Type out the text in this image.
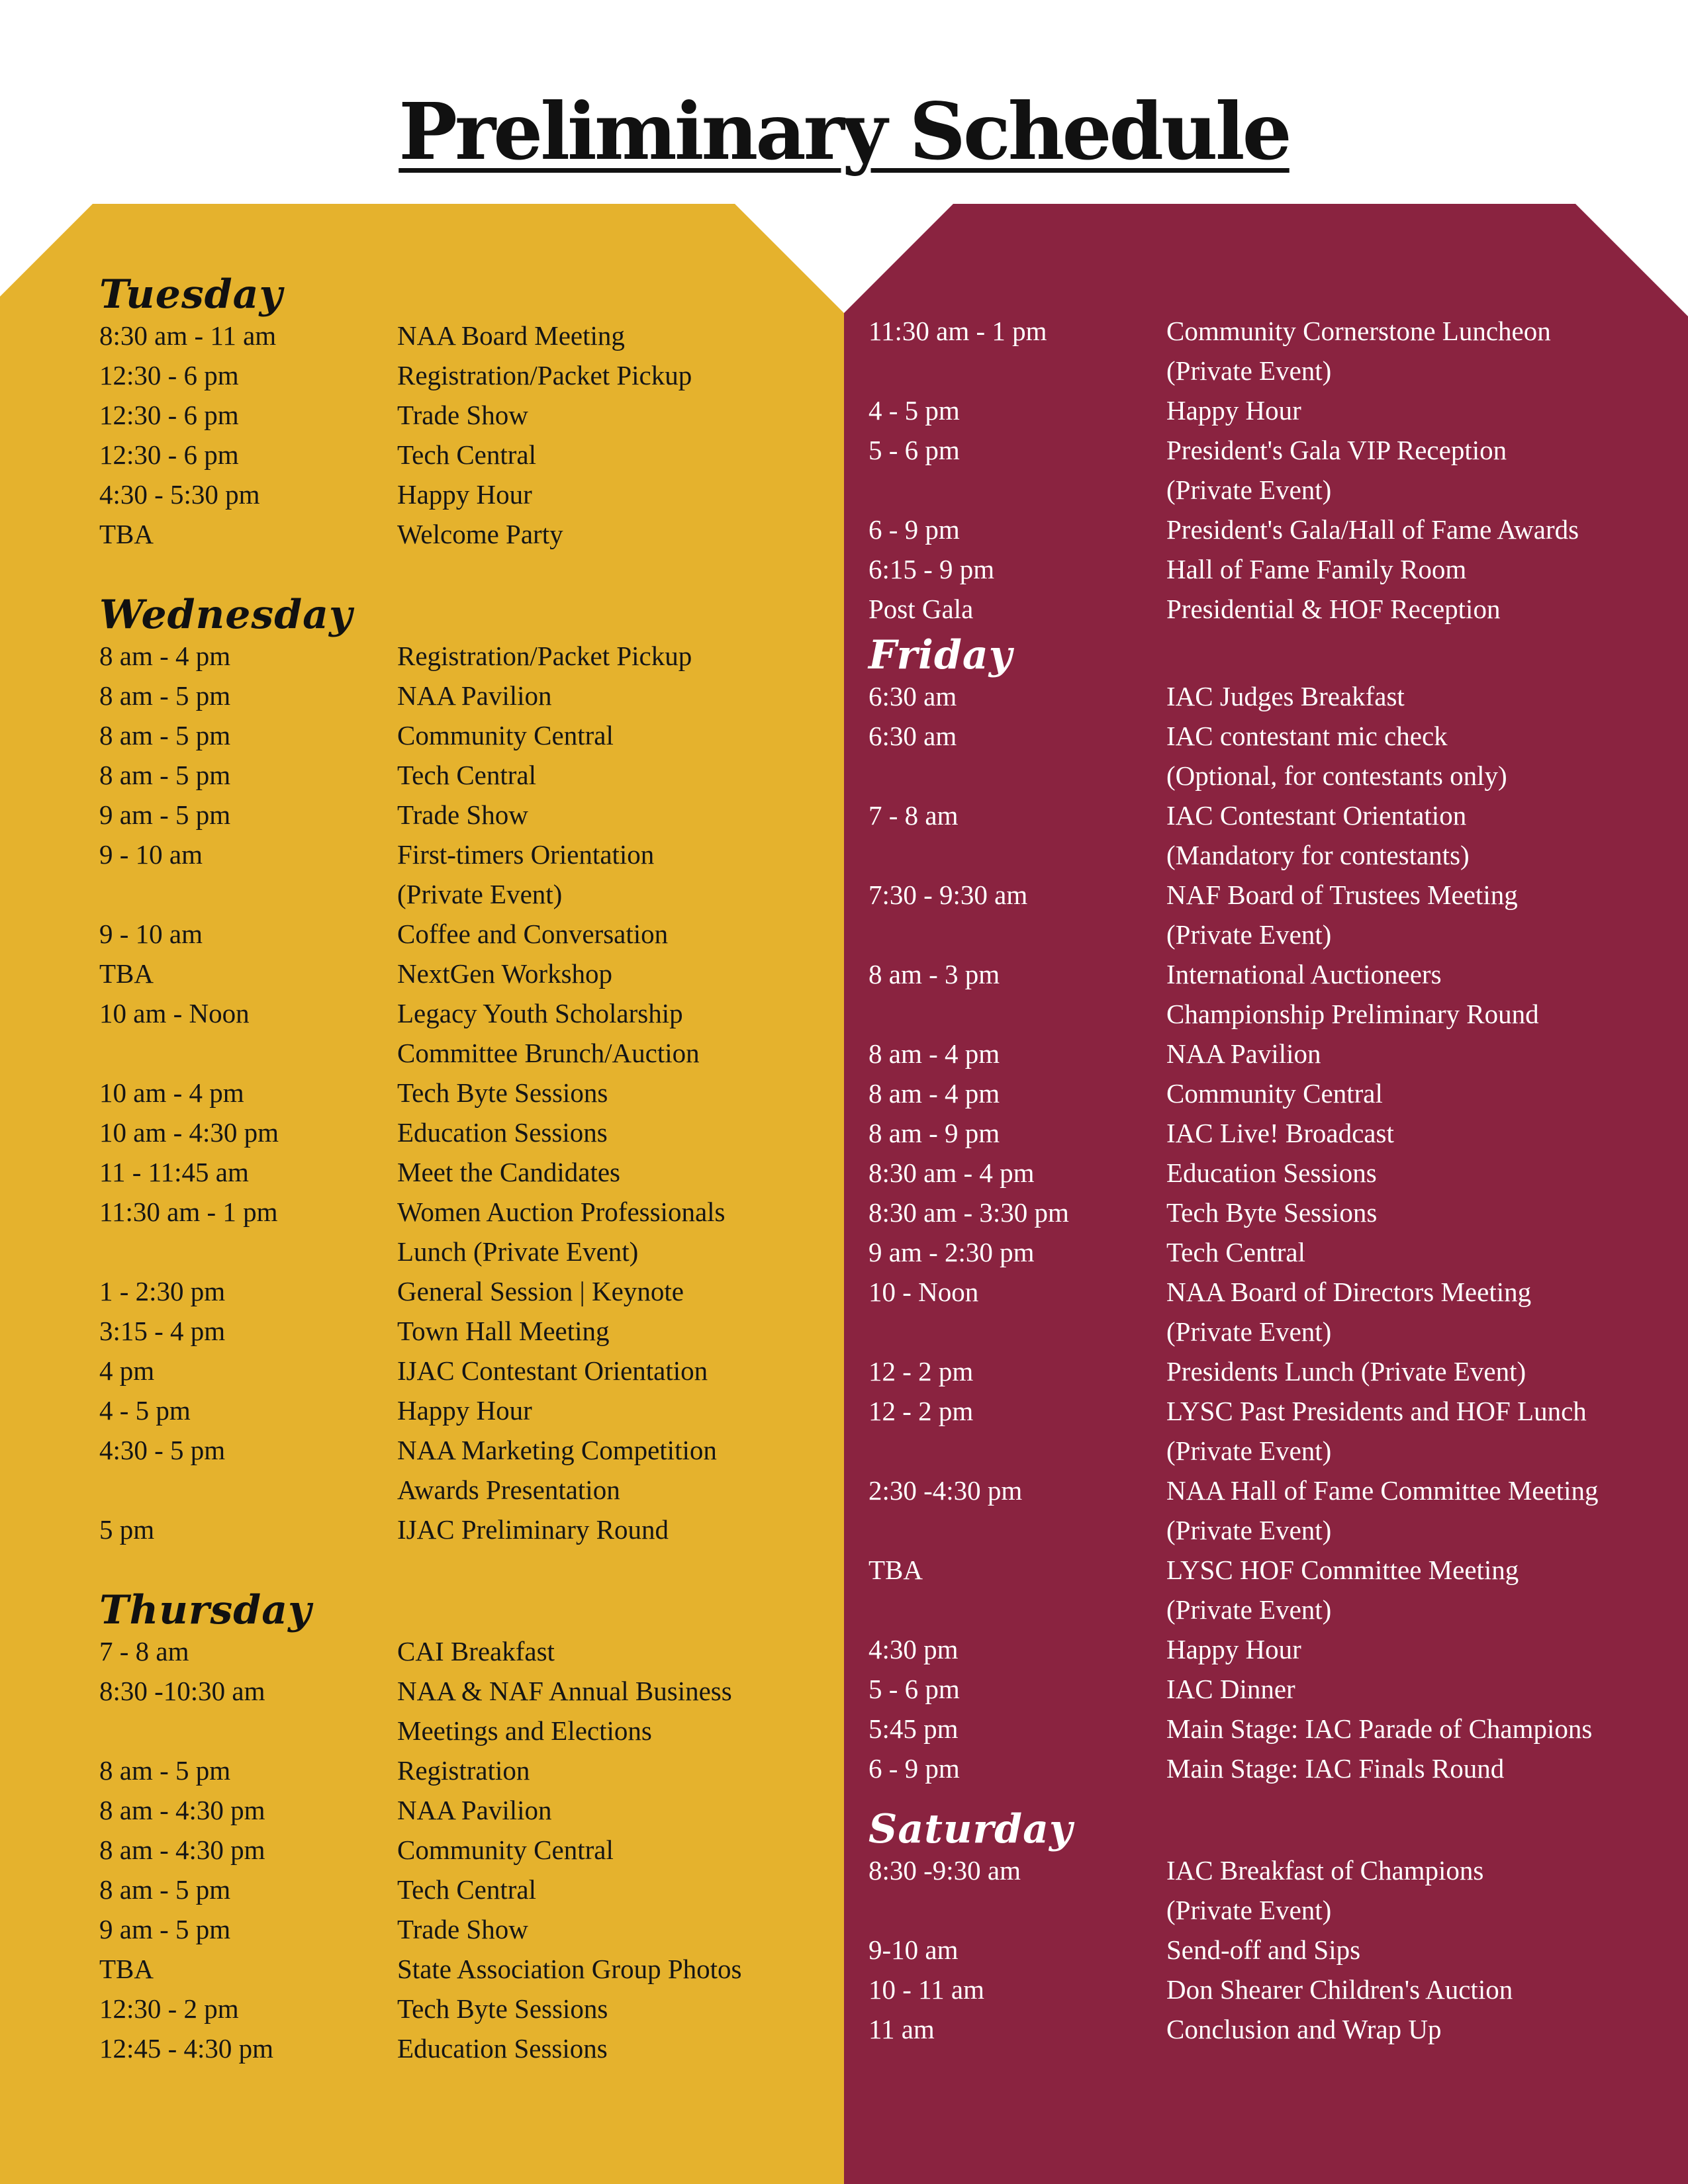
Preliminary Schedule
Tuesday
8:30 am - 11 am	NAA Board Meeting
12:30 - 6 pm	Registration/Packet Pickup
12:30 - 6 pm	Trade Show
12:30 - 6 pm	Tech Central
4:30 - 5:30 pm	Happy Hour
TBA	Welcome Party
Wednesday
8 am - 4 pm	Registration/Packet Pickup
8 am - 5 pm	NAA Pavilion
8 am - 5 pm	Community Central
8 am - 5 pm	Tech Central
9 am - 5 pm	Trade Show
9 - 10 am	First-timers Orientation
(Private Event)
9 - 10 am	Coffee and Conversation
TBA	NextGen Workshop
10 am - Noon	Legacy Youth Scholarship
Committee Brunch/Auction
10 am - 4 pm	Tech Byte Sessions
10 am - 4:30 pm	Education Sessions
11 - 11:45 am	Meet the Candidates
11:30 am - 1 pm	Women Auction Professionals
Lunch (Private Event)
1 - 2:30 pm	General Session | Keynote
3:15 - 4 pm	Town Hall Meeting
4 pm	IJAC Contestant Orientation
4 - 5 pm	Happy Hour
4:30 - 5 pm	NAA Marketing Competition
Awards Presentation
5 pm	IJAC Preliminary Round
Thursday
7 - 8 am	CAI Breakfast
8:30 -10:30 am	NAA & NAF Annual Business
Meetings and Elections
8 am - 5 pm	Registration
8 am - 4:30 pm	NAA Pavilion
8 am - 4:30 pm	Community Central
8 am - 5 pm	Tech Central
9 am - 5 pm	Trade Show
TBA	State Association Group Photos
12:30 - 2 pm	Tech Byte Sessions
12:45 - 4:30 pm	Education Sessions
11:30 am - 1 pm	Community Cornerstone Luncheon
(Private Event)
4 - 5 pm	Happy Hour
5 - 6 pm	President's Gala VIP Reception
(Private Event)
6 - 9 pm	President's Gala/Hall of Fame Awards
6:15 - 9 pm	Hall of Fame Family Room
Post Gala	Presidential & HOF Reception
Friday
6:30 am	IAC Judges Breakfast
6:30 am	IAC contestant mic check
(Optional, for contestants only)
7 - 8 am	IAC Contestant Orientation
(Mandatory for contestants)
7:30 - 9:30 am	NAF Board of Trustees Meeting
(Private Event)
8 am - 3 pm	International Auctioneers
Championship Preliminary Round
8 am - 4 pm	NAA Pavilion
8 am - 4 pm	Community Central
8 am - 9 pm	IAC Live! Broadcast
8:30 am - 4 pm	Education Sessions
8:30 am - 3:30 pm	Tech Byte Sessions
9 am - 2:30 pm	Tech Central
10 - Noon	NAA Board of Directors Meeting
(Private Event)
12 - 2 pm	Presidents Lunch (Private Event)
12 - 2 pm	LYSC Past Presidents and HOF Lunch
(Private Event)
2:30 -4:30 pm	NAA Hall of Fame Committee Meeting
(Private Event)
TBA	LYSC HOF Committee Meeting
(Private Event)
4:30 pm	Happy Hour
5 - 6 pm	IAC Dinner
5:45 pm	Main Stage: IAC Parade of Champions
6 - 9 pm	Main Stage: IAC Finals Round
Saturday
8:30 -9:30 am	IAC Breakfast of Champions
(Private Event)
9-10 am	Send-off and Sips
10 - 11 am	Don Shearer Children's Auction
11 am	Conclusion and Wrap Up
